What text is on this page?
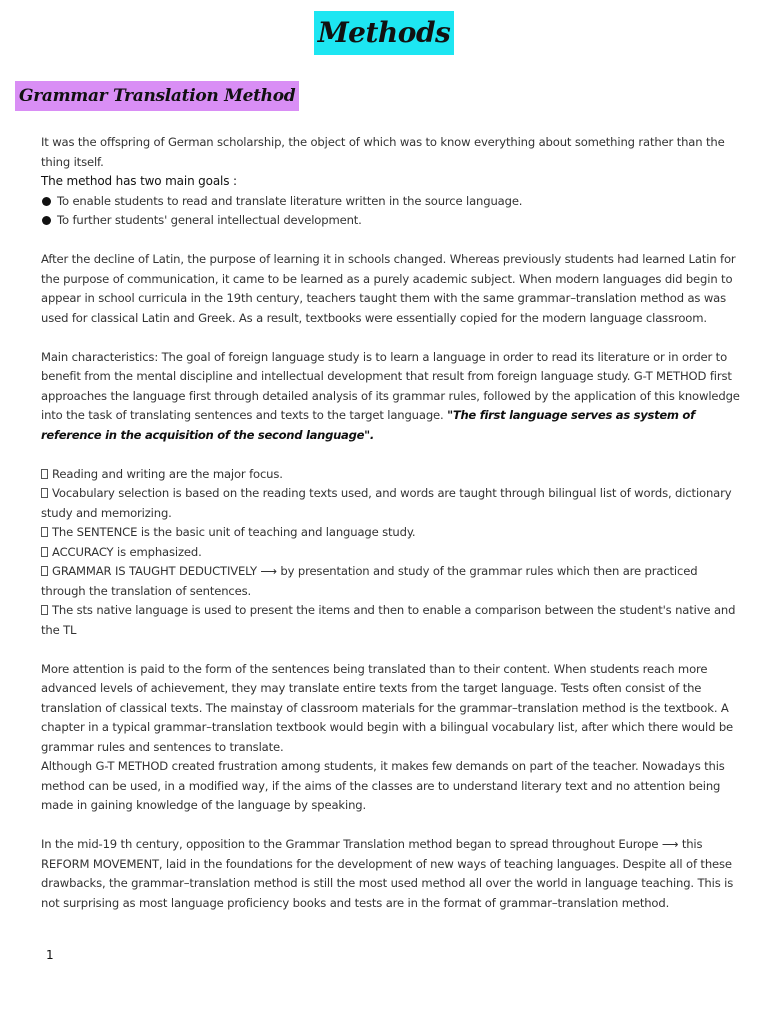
Methods
Grammar Translation Method

It was the offspring of German scholarship, the object of which was to know everything about something rather than the thing itself.

The method has two main goals :

To enable students to read and translate literature written in the source language.

To further students' general intellectual development.

After the decline of Latin, the purpose of learning it in schools changed. Whereas previously students had learned Latin for the purpose of communication, it came to be learned as a purely academic subject. When modern languages did begin to appear in school curricula in the 19th century, teachers taught them with the same grammar–translation method as was used for classical Latin and Greek. As a result, textbooks were essentially copied for the modern language classroom.

Main characteristics: The goal of foreign language study is to learn a language in order to read its literature or in order to benefit from the mental discipline and intellectual development that result from foreign language study. G-T METHOD first approaches the language first through detailed analysis of its grammar rules, followed by the application of this knowledge into the task of translating sentences and texts to the target language. "The first language serves as system of reference in the acquisition of the second language".

Reading and writing are the major focus.

Vocabulary selection is based on the reading texts used, and words are taught through bilingual list of words, dictionary study and memorizing.

The SENTENCE is the basic unit of teaching and language study.

ACCURACY is emphasized.

GRAMMAR IS TAUGHT DEDUCTIVELY ⟶ by presentation and study of the grammar rules which then are practiced through the translation of sentences.

The sts native language is used to present the items and then to enable a comparison between the student's native and the TL

More attention is paid to the form of the sentences being translated than to their content. When students reach more advanced levels of achievement, they may translate entire texts from the target language. Tests often consist of the translation of classical texts. The mainstay of classroom materials for the grammar–translation method is the textbook. A chapter in a typical grammar–translation textbook would begin with a bilingual vocabulary list, after which there would be grammar rules and sentences to translate.

Although G-T METHOD created frustration among students, it makes few demands on part of the teacher. Nowadays this method can be used, in a modified way, if the aims of the classes are to understand literary text and no attention being made in gaining knowledge of the language by speaking.

In the mid-19 th century, opposition to the Grammar Translation method began to spread throughout Europe ⟶ this REFORM MOVEMENT, laid in the foundations for the development of new ways of teaching languages. Despite all of these drawbacks, the grammar–translation method is still the most used method all over the world in language teaching. This is not surprising as most language proficiency books and tests are in the format of grammar–translation method.

1
